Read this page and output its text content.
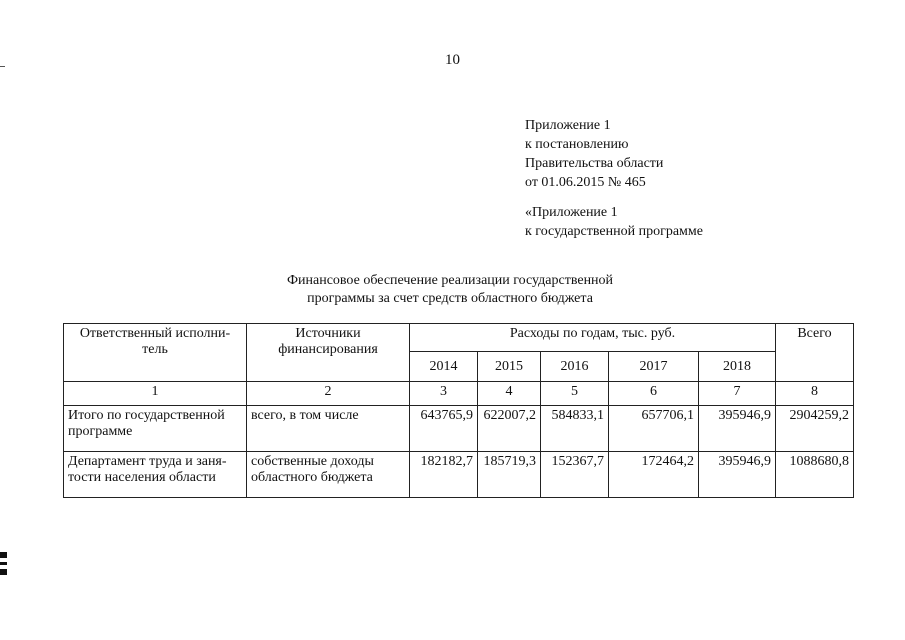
10
Приложение 1
к постановлению
Правительства области
от 01.06.2015 № 465
«Приложение 1
к государственной программе
Финансовое обеспечение реализации государственной
программы за счет средств областного бюджета
Ответственный исполни-тель	Источники финансирования	Расходы по годам, тыс. руб.					Всего
		2014	2015	2016	2017	2018	
1	2	3	4	5	6	7	8
Итого по государственной программе	всего, в том числе	643765,9	622007,2	584833,1	657706,1	395946,9	2904259,2
Департамент труда и заня-тости населения области	собственные доходы областного бюджета	182182,7	185719,3	152367,7	172464,2	395946,9	1088680,8
